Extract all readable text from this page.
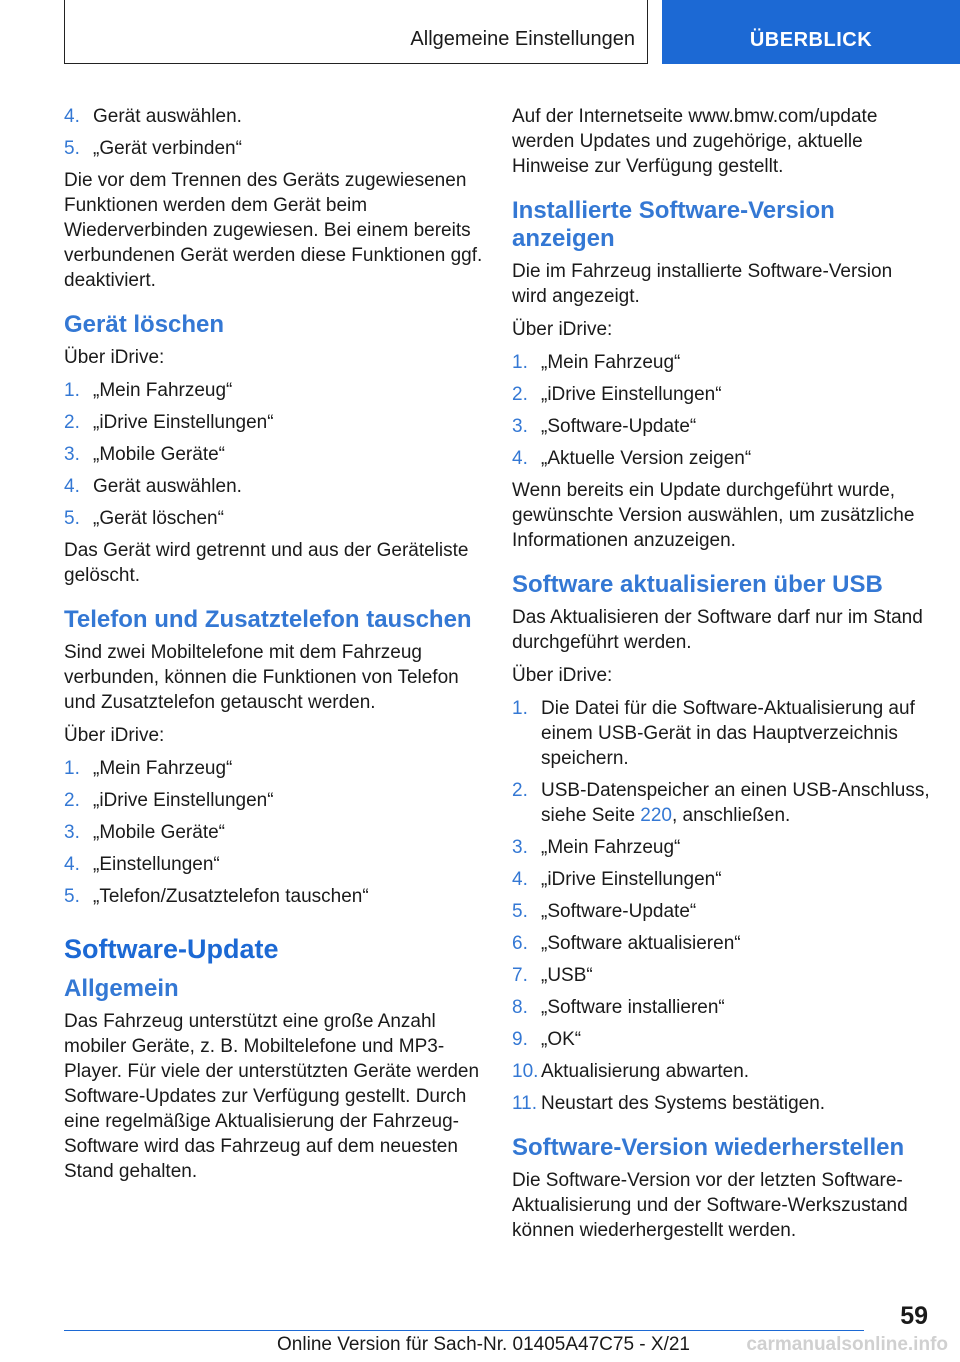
Allgemeine Einstellungen	ÜBERBLICK
4. Gerät auswählen.
5. „Gerät verbinden“

Die vor dem Trennen des Geräts zugewiesenen Funktionen werden dem Gerät beim Wiederverbinden zugewiesen. Bei einem bereits verbundenen Gerät werden diese Funktionen ggf. deaktiviert.

Gerät löschen

Über iDrive:

1. „Mein Fahrzeug“
2. „iDrive Einstellungen“
3. „Mobile Geräte“
4. Gerät auswählen.
5. „Gerät löschen“

Das Gerät wird getrennt und aus der Geräteliste gelöscht.

Telefon und Zusatztelefon tauschen

Sind zwei Mobiltelefone mit dem Fahrzeug verbunden, können die Funktionen von Telefon und Zusatztelefon getauscht werden.

Über iDrive:

1. „Mein Fahrzeug“
2. „iDrive Einstellungen“
3. „Mobile Geräte“
4. „Einstellungen“
5. „Telefon/Zusatztelefon tauschen“
Software-Update
Allgemein

Das Fahrzeug unterstützt eine große Anzahl mobiler Geräte, z. B. Mobiltelefone und MP3-Player. Für viele der unterstützten Geräte werden Software-Updates zur Verfügung gestellt. Durch eine regelmäßige Aktualisierung der Fahrzeug-Software wird das Fahrzeug auf dem neuesten Stand gehalten.

Auf der Internetseite www.bmw.com/update werden Updates und zugehörige, aktuelle Hinweise zur Verfügung gestellt.

Installierte Software-Version anzeigen

Die im Fahrzeug installierte Software-Version wird angezeigt.

Über iDrive:

1. „Mein Fahrzeug“
2. „iDrive Einstellungen“
3. „Software-Update“
4. „Aktuelle Version zeigen“

Wenn bereits ein Update durchgeführt wurde, gewünschte Version auswählen, um zusätzliche Informationen anzuzeigen.

Software aktualisieren über USB

Das Aktualisieren der Software darf nur im Stand durchgeführt werden.

Über iDrive:

1. Die Datei für die Software-Aktualisierung auf einem USB-Gerät in das Hauptverzeichnis speichern.
2. USB-Datenspeicher an einen USB-Anschluss, siehe Seite 220, anschließen.
3. „Mein Fahrzeug“
4. „iDrive Einstellungen“
5. „Software-Update“
6. „Software aktualisieren“
7. „USB“
8. „Software installieren“
9. „OK“
10. Aktualisierung abwarten.
11. Neustart des Systems bestätigen.
Software-Version wiederherstellen

Die Software-Version vor der letzten Software-Aktualisierung und der Software-Werkszustand können wiederhergestellt werden.

59
Online Version für Sach-Nr. 01405A47C75 - X/21	carmanualsonline.info
